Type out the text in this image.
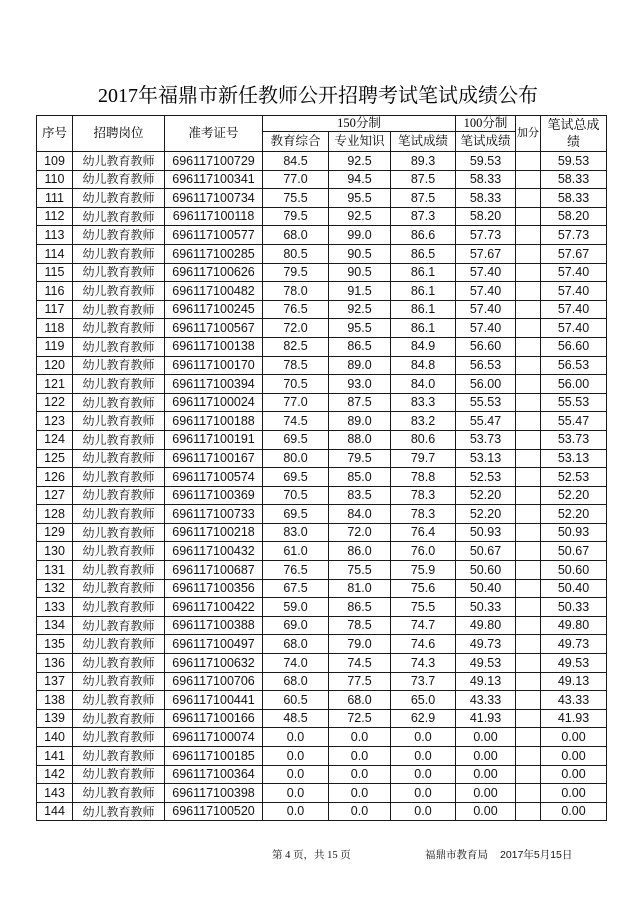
2017年福鼎市新任教师公开招聘考试笔试成绩公布
序号	招聘岗位	准考证号	150分制			100分制	加分	笔试总成绩
			教育综合	专业知识	笔试成绩	笔试成绩		
109	幼儿教育教师	696117100729	84.5	92.5	89.3	59.53		59.53
110	幼儿教育教师	696117100341	77.0	94.5	87.5	58.33		58.33
111	幼儿教育教师	696117100734	75.5	95.5	87.5	58.33		58.33
112	幼儿教育教师	696117100118	79.5	92.5	87.3	58.20		58.20
113	幼儿教育教师	696117100577	68.0	99.0	86.6	57.73		57.73
114	幼儿教育教师	696117100285	80.5	90.5	86.5	57.67		57.67
115	幼儿教育教师	696117100626	79.5	90.5	86.1	57.40		57.40
116	幼儿教育教师	696117100482	78.0	91.5	86.1	57.40		57.40
117	幼儿教育教师	696117100245	76.5	92.5	86.1	57.40		57.40
118	幼儿教育教师	696117100567	72.0	95.5	86.1	57.40		57.40
119	幼儿教育教师	696117100138	82.5	86.5	84.9	56.60		56.60
120	幼儿教育教师	696117100170	78.5	89.0	84.8	56.53		56.53
121	幼儿教育教师	696117100394	70.5	93.0	84.0	56.00		56.00
122	幼儿教育教师	696117100024	77.0	87.5	83.3	55.53		55.53
123	幼儿教育教师	696117100188	74.5	89.0	83.2	55.47		55.47
124	幼儿教育教师	696117100191	69.5	88.0	80.6	53.73		53.73
125	幼儿教育教师	696117100167	80.0	79.5	79.7	53.13		53.13
126	幼儿教育教师	696117100574	69.5	85.0	78.8	52.53		52.53
127	幼儿教育教师	696117100369	70.5	83.5	78.3	52.20		52.20
128	幼儿教育教师	696117100733	69.5	84.0	78.3	52.20		52.20
129	幼儿教育教师	696117100218	83.0	72.0	76.4	50.93		50.93
130	幼儿教育教师	696117100432	61.0	86.0	76.0	50.67		50.67
131	幼儿教育教师	696117100687	76.5	75.5	75.9	50.60		50.60
132	幼儿教育教师	696117100356	67.5	81.0	75.6	50.40		50.40
133	幼儿教育教师	696117100422	59.0	86.5	75.5	50.33		50.33
134	幼儿教育教师	696117100388	69.0	78.5	74.7	49.80		49.80
135	幼儿教育教师	696117100497	68.0	79.0	74.6	49.73		49.73
136	幼儿教育教师	696117100632	74.0	74.5	74.3	49.53		49.53
137	幼儿教育教师	696117100706	68.0	77.5	73.7	49.13		49.13
138	幼儿教育教师	696117100441	60.5	68.0	65.0	43.33		43.33
139	幼儿教育教师	696117100166	48.5	72.5	62.9	41.93		41.93
140	幼儿教育教师	696117100074	0.0	0.0	0.0	0.00		0.00
141	幼儿教育教师	696117100185	0.0	0.0	0.0	0.00		0.00
142	幼儿教育教师	696117100364	0.0	0.0	0.0	0.00		0.00
143	幼儿教育教师	696117100398	0.0	0.0	0.0	0.00		0.00
144	幼儿教育教师	696117100520	0.0	0.0	0.0	0.00		0.00
第 4 页，共 15 页	福鼎市教育局 2017年5月15日
